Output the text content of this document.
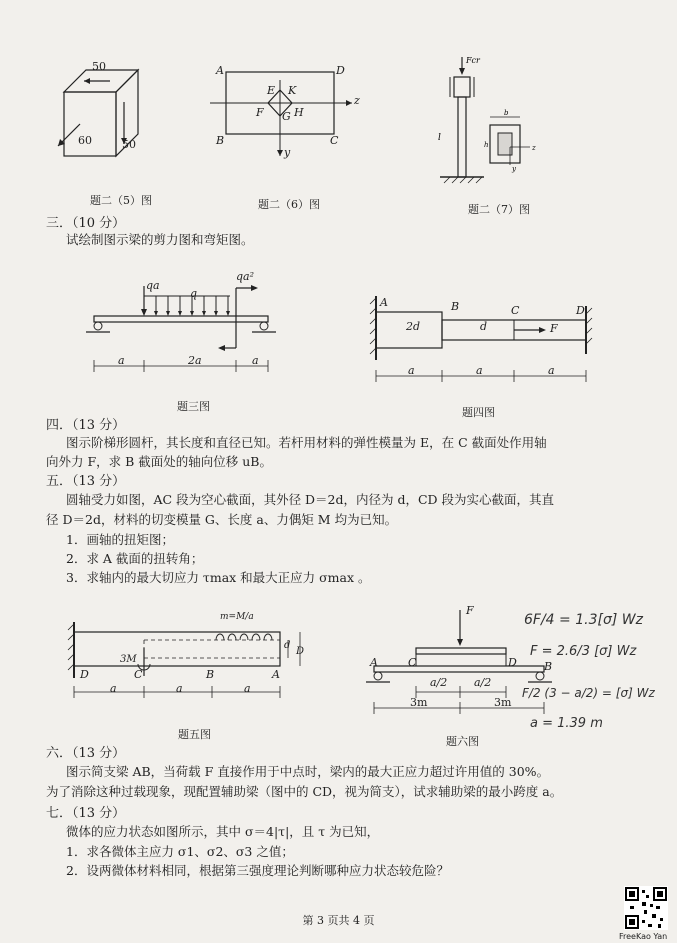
50
60	50
题二（5）图
A	D
B	C
E K
F G H
z
y
题二（6）图
b
h	z
y
l
Fcr
题二（7）图
三．（10 分）
试绘制图示梁的剪力图和弯矩图。
qa
q
qa²
a	2a	a
题三图
A	B	C	D
2d	d	F
a	a	a
题四图
四．（13 分）
图示阶梯形圆杆，其长度和直径已知。若杆用材料的弹性模量为 E，在 C 截面处作用轴
向外力 F，求 B 截面处的轴向位移 uB。
五．（13 分）
圆轴受力如图，AC 段为空心截面，其外径 D＝2d，内径为 d，CD 段为实心截面，其直
径 D＝2d，材料的切变模量 G、长度 a、力偶矩 M 均为已知。
1．画轴的扭矩图；
2．求 A 截面的扭转角；
3．求轴内的最大切应力 τmax 和最大正应力 σmax 。
m=M/a
3M
d
D
D	C	B	A
a	a	a
题五图
F
A	C	D B
a/2 a/2
3m	3m
题六图
6F/4 = 1.3[σ] Wz
F = 2.6/3 [σ] Wz
F/2 (3 − a/2) = [σ] Wz
a = 1.39 m
六．（13 分）
图示简支梁 AB，当荷载 F 直接作用于中点时，梁内的最大正应力超过许用值的 30%。
为了消除这种过载现象，现配置辅助梁（图中的 CD，视为简支），试求辅助梁的最小跨度 a。
七．（13 分）
微体的应力状态如图所示，其中 σ＝4|τ|，且 τ 为已知，
1．求各微体主应力 σ1、σ2、σ3 之值；
2．设两微体材料相同，根据第三强度理论判断哪种应力状态较危险？
FreeKao Yan
第 3 页共 4 页
